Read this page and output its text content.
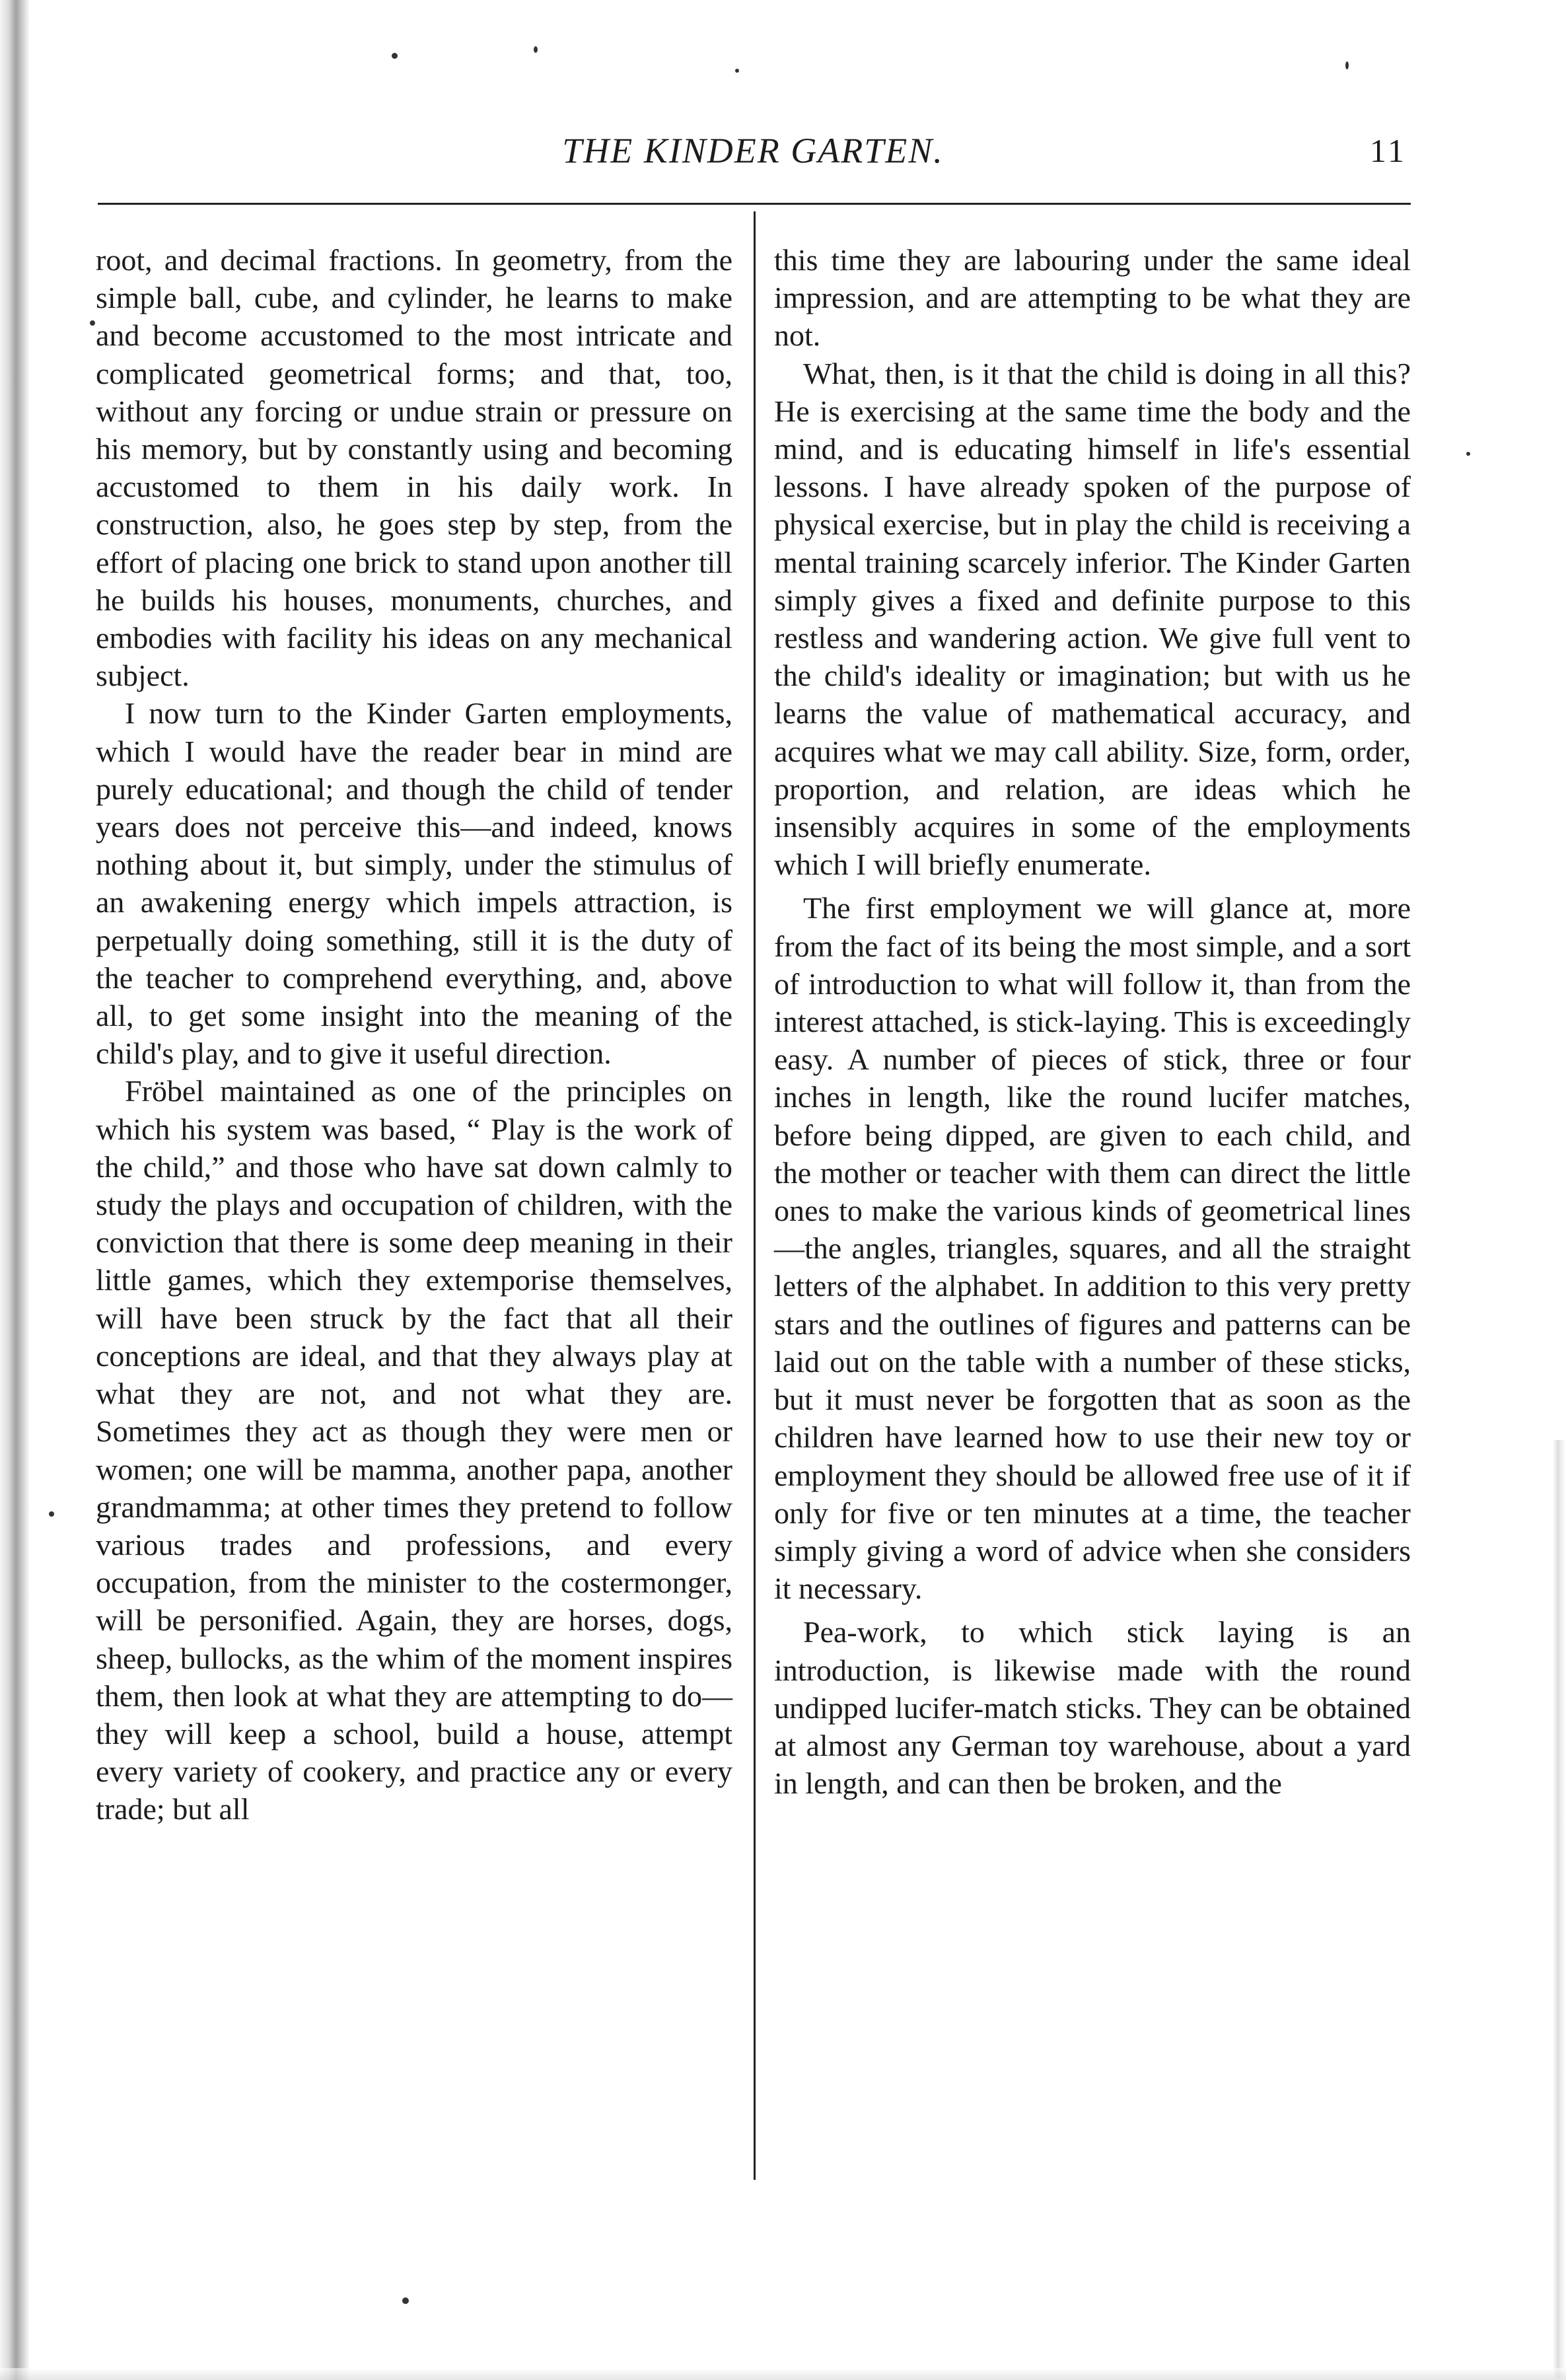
THE KINDER GARTEN.	11

root, and decimal fractions. In geometry, from the simple ball, cube, and cylinder, he learns to make and become accustomed to the most intricate and complicated geometrical forms; and that, too, without any forcing or undue strain or pressure on his memory, but by constantly using and becoming accustomed to them in his daily work. In construction, also, he goes step by step, from the effort of placing one brick to stand upon another till he builds his houses, monuments, churches, and embodies with facility his ideas on any mechanical subject.

I now turn to the Kinder Garten employments, which I would have the reader bear in mind are purely educational; and though the child of tender years does not perceive this—and indeed, knows nothing about it, but simply, under the stimulus of an awakening energy which impels attraction, is perpetually doing something, still it is the duty of the teacher to comprehend everything, and, above all, to get some insight into the meaning of the child's play, and to give it useful direction.

Fröbel maintained as one of the principles on which his system was based, “ Play is the work of the child,” and those who have sat down calmly to study the plays and occupation of children, with the conviction that there is some deep meaning in their little games, which they extemporise themselves, will have been struck by the fact that all their conceptions are ideal, and that they always play at what they are not, and not what they are. Sometimes they act as though they were men or women; one will be mamma, another papa, another grandmamma; at other times they pretend to follow various trades and professions, and every occupation, from the minister to the costermonger, will be personified. Again, they are horses, dogs, sheep, bullocks, as the whim of the moment inspires them, then look at what they are attempting to do—they will keep a school, build a house, attempt every variety of cookery, and practice any or every trade; but all

this time they are labouring under the same ideal impression, and are attempting to be what they are not.

What, then, is it that the child is doing in all this? He is exercising at the same time the body and the mind, and is educating himself in life's essential lessons. I have already spoken of the purpose of physical exercise, but in play the child is receiving a mental training scarcely inferior. The Kinder Garten simply gives a fixed and definite purpose to this restless and wandering action. We give full vent to the child's ideality or imagination; but with us he learns the value of mathematical accuracy, and acquires what we may call ability. Size, form, order, proportion, and relation, are ideas which he insensibly acquires in some of the employments which I will briefly enumerate.

The first employment we will glance at, more from the fact of its being the most simple, and a sort of introduction to what will follow it, than from the interest attached, is stick-laying. This is exceedingly easy. A number of pieces of stick, three or four inches in length, like the round lucifer matches, before being dipped, are given to each child, and the mother or teacher with them can direct the little ones to make the various kinds of geometrical lines—the angles, triangles, squares, and all the straight letters of the alphabet. In addition to this very pretty stars and the outlines of figures and patterns can be laid out on the table with a number of these sticks, but it must never be forgotten that as soon as the children have learned how to use their new toy or employment they should be allowed free use of it if only for five or ten minutes at a time, the teacher simply giving a word of advice when she considers it necessary.

Pea-work, to which stick laying is an introduction, is likewise made with the round undipped lucifer-match sticks. They can be obtained at almost any German toy warehouse, about a yard in length, and can then be broken, and the
